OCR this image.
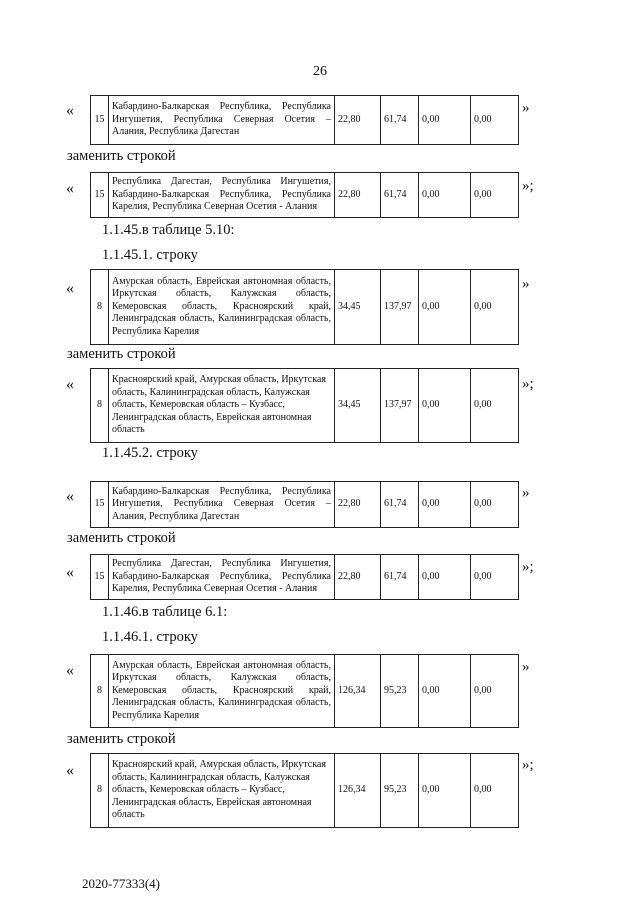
26
«
15	Кабардино-Балкарская Республика, Республика Ингушетия, Республика Северная Осетия – Алания, Республика Дагестан	22,80	61,74	0,00	0,00
»
заменить строкой
« 15	Республика Дагестан, Республика Ингушетия, Кабардино-Балкарская Республика, Республика Карелия, Республика Северная Осетия - Алания	22,80	61,74	0,00	0,00
»;
1.1.45.в таблице 5.10:
1.1.45.1. строку
«
8	Амурская область, Еврейская автономная область, Иркутская область, Калужская область, Кемеровская область, Красноярский край, Ленинградская область, Калининградская область, Республика Карелия	34,45	137,97	0,00	0,00
»
заменить строкой
«
8	Красноярский край, Амурская область, Иркутская область, Калининградская область, Калужская область, Кемеровская область – Кузбасс, Ленинградская область, Еврейская автономная область	34,45	137,97	0,00	0,00
»;
1.1.45.2. строку
« 15	Кабардино-Балкарская Республика, Республика Ингушетия, Республика Северная Осетия – Алания, Республика Дагестан	22,80	61,74	0,00	0,00
»
заменить строкой
« 15	Республика Дагестан, Республика Ингушетия, Кабардино-Балкарская Республика, Республика Карелия, Республика Северная Осетия - Алания	22,80	61,74	0,00	0,00
»;
1.1.46.в таблице 6.1:
1.1.46.1. строку
«
8	Амурская область, Еврейская автономная область, Иркутская область, Калужская область, Кемеровская область, Красноярский край, Ленинградская область, Калининградская область, Республика Карелия	126,34	95,23	0,00	0,00
»
заменить строкой
«
8	Красноярский край, Амурская область, Иркутская область, Калининградская область, Калужская область, Кемеровская область – Кузбасс, Ленинградская область, Еврейская автономная область	126,34	95,23	0,00	0,00
»;
2020-77333(4)
